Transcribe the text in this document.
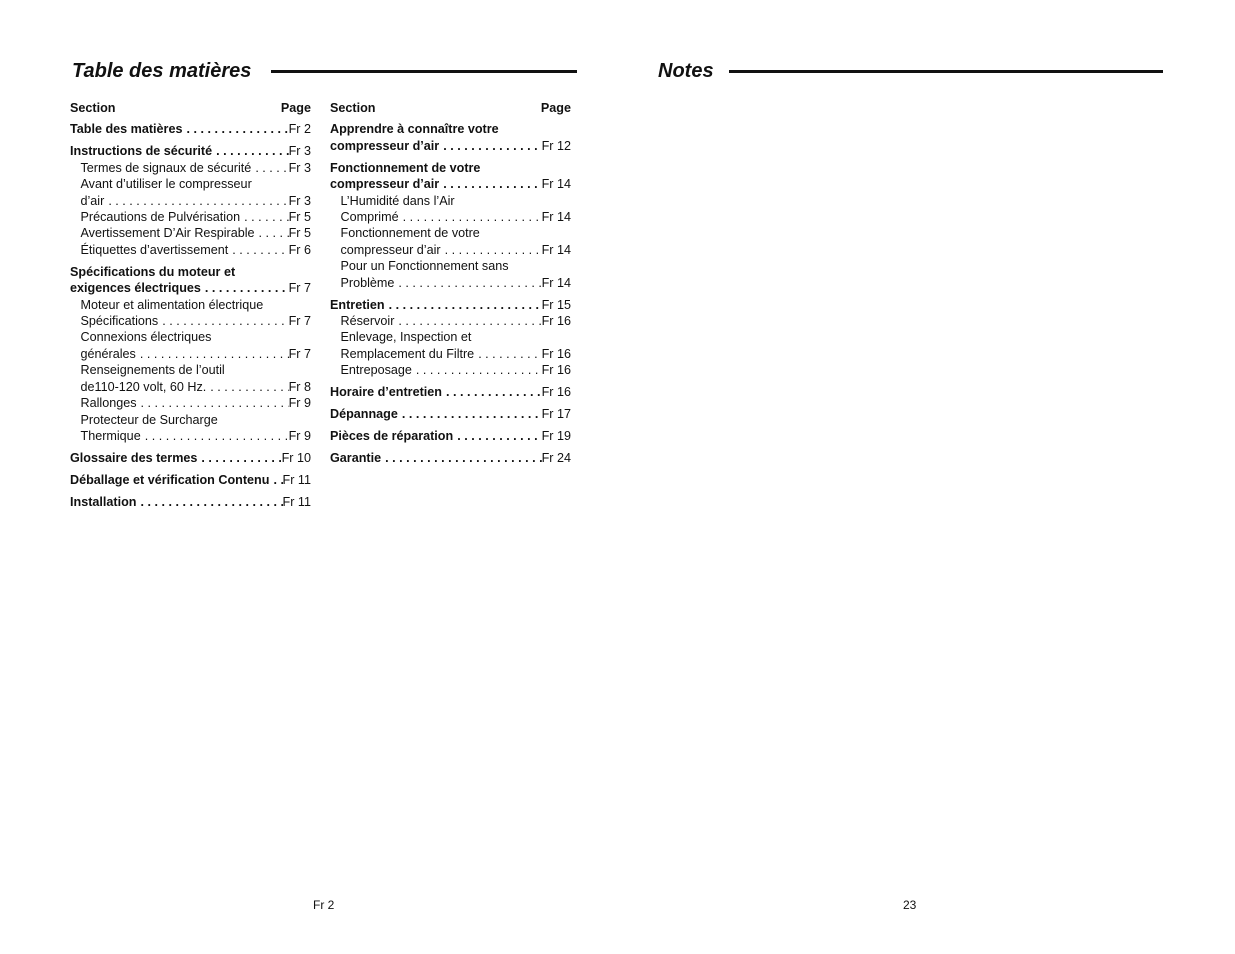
Table des matières
Section	Page
Table des matières . . .	Fr 2
Instructions de sécurité . . .	Fr 3
Termes de signaux de sécurité . . .	Fr 3
Avant d’utiliser le compresseur
d’air . . .	Fr 3
Précautions de Pulvérisation . . .	Fr 5
Avertissement D’Air Respirable . . .	Fr 5
Étiquettes d’avertissement . . .	Fr 6
Spécifications du moteur et
exigences électriques . . .	Fr 7
Moteur et alimentation électrique
Spécifications . . .	Fr 7
Connexions électriques
générales . . .	Fr 7
Renseignements de l’outil
de110-120 volt, 60 Hz. . . .	Fr 8
Rallonges . . .	Fr 9
Protecteur de Surcharge
Thermique . . .	Fr 9
Glossaire des termes . . .	Fr 10
Déballage et vérification Contenu . . . Fr 11
Installation . . .	Fr 11
Section	Page
Apprendre à connaître votre
compresseur d’air . . .	Fr 12
Fonctionnement de votre
compresseur d’air . . .	Fr 14
L’Humidité dans l’Air
Comprimé . . .	Fr 14
Fonctionnement de votre
compresseur d’air . . .	Fr 14
Pour un Fonctionnement sans
Problème . . .	Fr 14
Entretien . . .	Fr 15
Réservoir . . .	Fr 16
Enlevage, Inspection et
Remplacement du Filtre . . .	Fr 16
Entreposage . . .	Fr 16
Horaire d’entretien . . .	Fr 16
Dépannage . . .	Fr 17
Pièces de réparation . . .	Fr 19
Garantie . . .	Fr 24
Fr 2
Notes
23
